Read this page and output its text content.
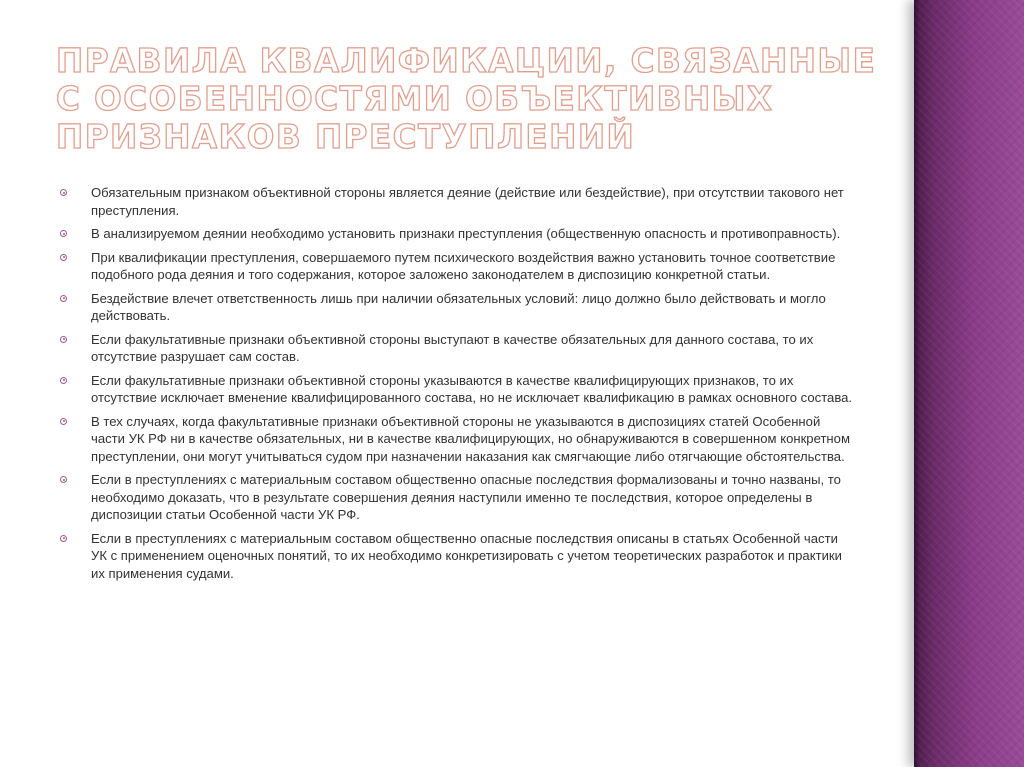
ПРАВИЛА КВАЛИФИКАЦИИ, СВЯЗАННЫЕ С ОСОБЕННОСТЯМИ ОБЪЕКТИВНЫХ ПРИЗНАКОВ ПРЕСТУПЛЕНИЙ
Обязательным признаком объективной стороны является деяние (действие или бездействие), при отсутствии такового нет преступления.
В анализируемом деянии необходимо установить признаки преступления (общественную опасность и противоправность).
При квалификации преступления, совершаемого путем психического воздействия важно установить точное соответствие подобного рода деяния и того содержания, которое заложено законодателем в диспозицию конкретной статьи.
Бездействие влечет ответственность лишь при наличии обязательных условий: лицо должно было действовать и могло действовать.
Если факультативные признаки объективной стороны выступают в качестве обязательных для данного состава, то их отсутствие разрушает сам состав.
Если факультативные признаки объективной стороны указываются в качестве квалифицирующих признаков, то их отсутствие исключает вменение квалифицированного состава, но не исключает квалификацию в рамках основного состава.
В тех случаях, когда факультативные признаки объективной стороны не указываются в диспозициях статей Особенной части УК РФ ни в качестве обязательных, ни в качестве квалифицирующих, но обнаруживаются в совершенном конкретном преступлении, они могут учитываться судом при назначении наказания как смягчающие либо отягчающие обстоятельства.
Если в преступлениях с материальным составом общественно опасные последствия формализованы и точно названы, то необходимо доказать, что в результате совершения деяния наступили именно те последствия, которое определены в диспозиции статьи Особенной части УК РФ.
Если в преступлениях с материальным составом общественно опасные последствия описаны в статьях Особенной части УК с применением оценочных понятий, то их необходимо конкретизировать с учетом теоретических разработок и практики их применения судами.
